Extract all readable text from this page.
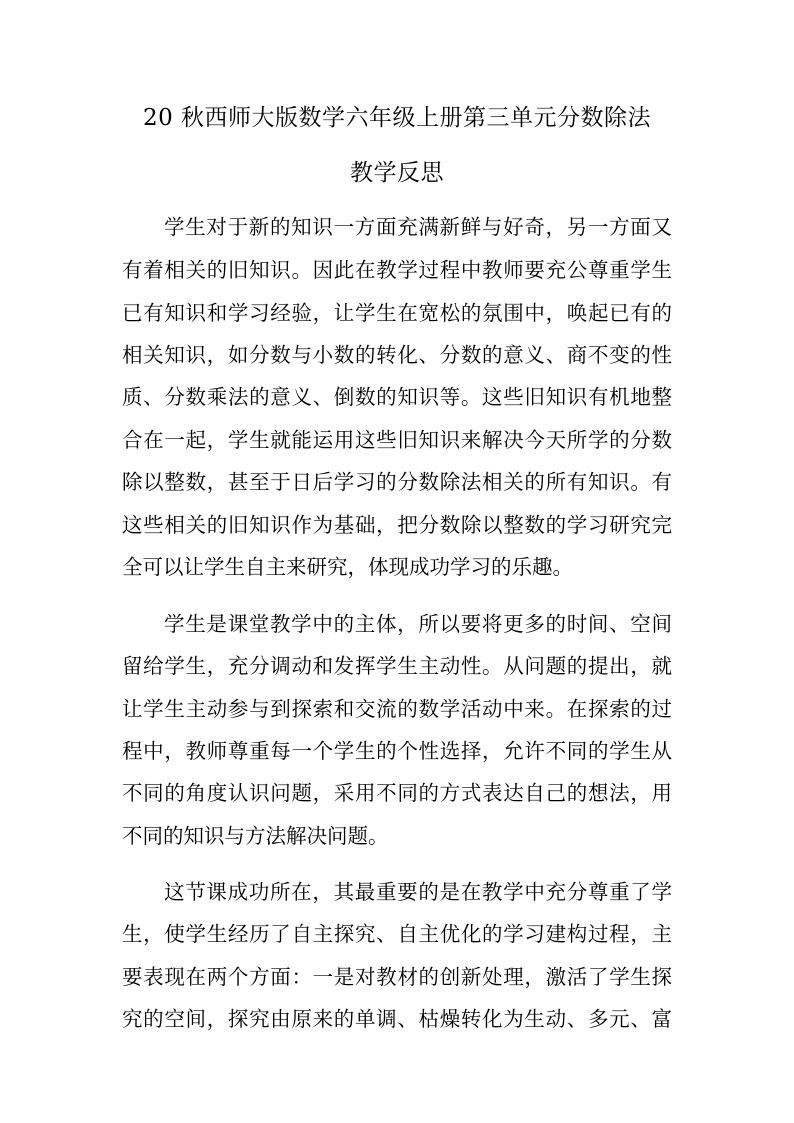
20 秋西师大版数学六年级上册第三单元分数除法
教学反思
学生对于新的知识一方面充满新鲜与好奇，另一方面又
有着相关的旧知识。因此在教学过程中教师要充公尊重学生
已有知识和学习经验，让学生在宽松的氛围中，唤起已有的
相关知识，如分数与小数的转化、分数的意义、商不变的性
质、分数乘法的意义、倒数的知识等。这些旧知识有机地整
合在一起，学生就能运用这些旧知识来解决今天所学的分数
除以整数，甚至于日后学习的分数除法相关的所有知识。有
这些相关的旧知识作为基础，把分数除以整数的学习研究完
全可以让学生自主来研究，体现成功学习的乐趣。
学生是课堂教学中的主体，所以要将更多的时间、空间
留给学生，充分调动和发挥学生主动性。从问题的提出，就
让学生主动参与到探索和交流的数学活动中来。在探索的过
程中，教师尊重每一个学生的个性选择，允许不同的学生从
不同的角度认识问题，采用不同的方式表达自己的想法，用
不同的知识与方法解决问题。
这节课成功所在，其最重要的是在教学中充分尊重了学
生，使学生经历了自主探究、自主优化的学习建构过程，主
要表现在两个方面：一是对教材的创新处理，激活了学生探
究的空间，探究由原来的单调、枯燥转化为生动、多元、富
